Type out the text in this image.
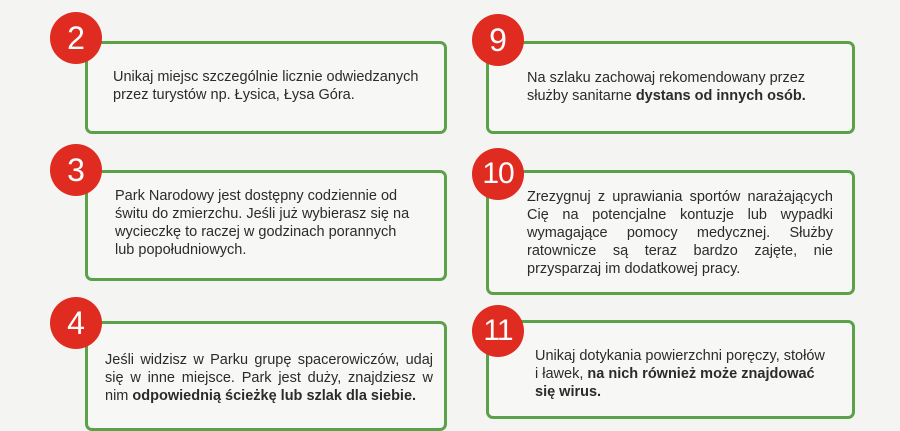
Unikaj miejsc szczególnie licznie odwiedzanych przez turystów np. Łysica, Łysa Góra.
2
Na szlaku zachowaj rekomendowany przez służby sanitarne dystans od innych osób.
9
Park Narodowy jest dostępny codziennie od świtu do zmierzchu. Jeśli już wybierasz się na wycieczkę to raczej w godzinach porannych lub popołudniowych.
3
Zrezygnuj z uprawiania sportów narażających Cię na potencjalne kontuzje lub wypadki wymagające pomocy medycznej. Służby ratownicze są teraz bardzo zajęte, nie przysparzaj im dodatkowej pracy.
10
Jeśli widzisz w Parku grupę spacerowiczów, udaj się w inne miejsce. Park jest duży, znajdziesz w nim odpowiednią ścieżkę lub szlak dla siebie.
4
Unikaj dotykania powierzchni poręczy, stołów i ławek, na nich również może znajdować się wirus.
11
